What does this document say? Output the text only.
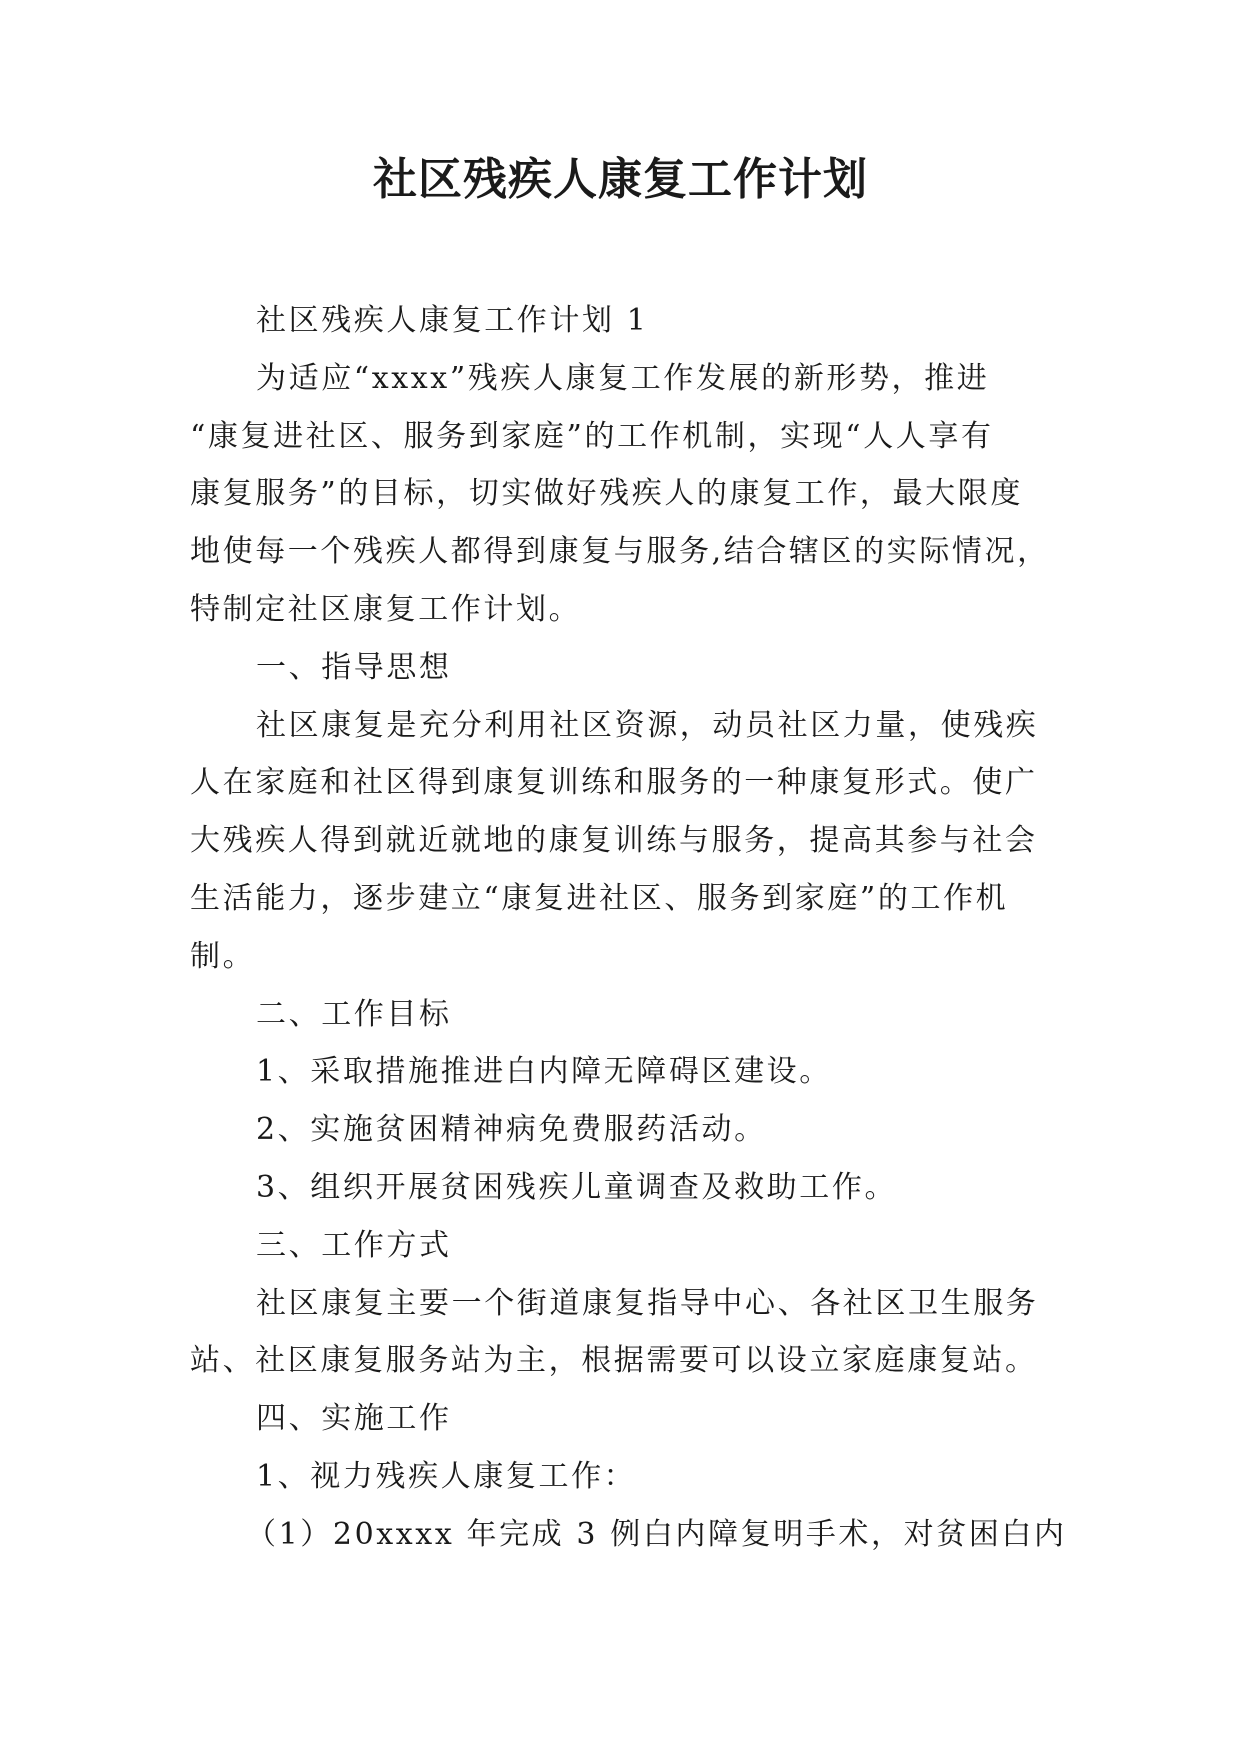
社区残疾人康复工作计划

社区残疾人康复工作计划 1

为适应“xxxx”残疾人康复工作发展的新形势，推进

“康复进社区、服务到家庭”的工作机制，实现“人人享有

康复服务”的目标，切实做好残疾人的康复工作，最大限度

地使每一个残疾人都得到康复与服务,结合辖区的实际情况，

特制定社区康复工作计划。

一、指导思想

社区康复是充分利用社区资源，动员社区力量，使残疾

人在家庭和社区得到康复训练和服务的一种康复形式。使广

大残疾人得到就近就地的康复训练与服务，提高其参与社会

生活能力，逐步建立“康复进社区、服务到家庭”的工作机

制。

二、工作目标

1、采取措施推进白内障无障碍区建设。

2、实施贫困精神病免费服药活动。

3、组织开展贫困残疾儿童调查及救助工作。

三、工作方式

社区康复主要一个街道康复指导中心、各社区卫生服务

站、社区康复服务站为主，根据需要可以设立家庭康复站。

四、实施工作

1、视力残疾人康复工作：

（1）20xxxx 年完成 3 例白内障复明手术，对贫困白内
